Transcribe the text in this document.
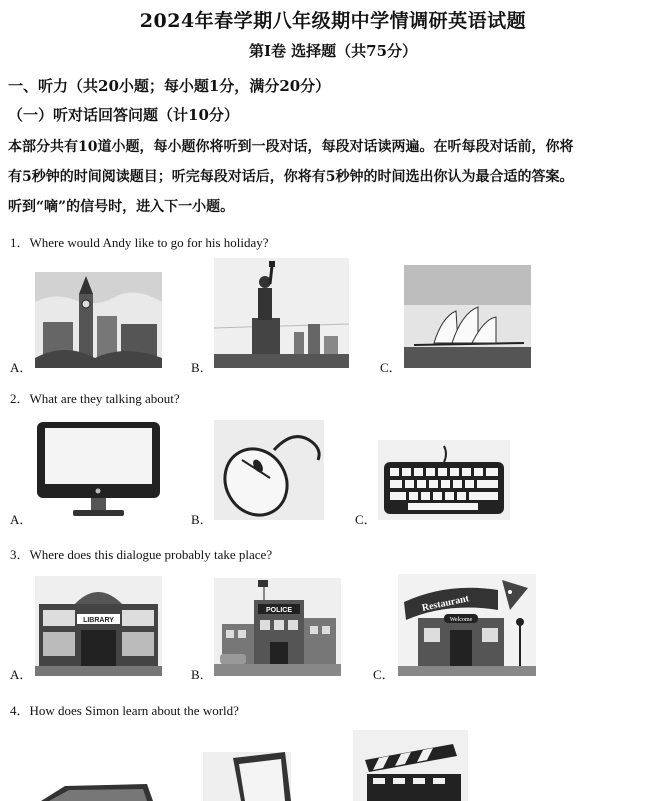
2024年春学期八年级期中学情调研英语试题
第Ⅰ卷 选择题（共75分）
一、听力（共20小题；每小题1分，满分20分）
（一）听对话回答问题（计10分）
本部分共有10道小题，每小题你将听到一段对话，每段对话读两遍。在听每段对话前，你将
有5秒钟的时间阅读题目；听完每段对话后，你将有5秒钟的时间选出你认为最合适的答案。
听到“嘀”的信号时，进入下一小题。
1．Where would Andy like to go for his holiday?
A．	B．	C．
2．What are they talking about?
A．	B．	C．
3．Where does this dialogue probably take place?
A．
LIBRARY
B．
POLICE
C．
Restaurant
Welcome
4．How does Simon learn about the world?
